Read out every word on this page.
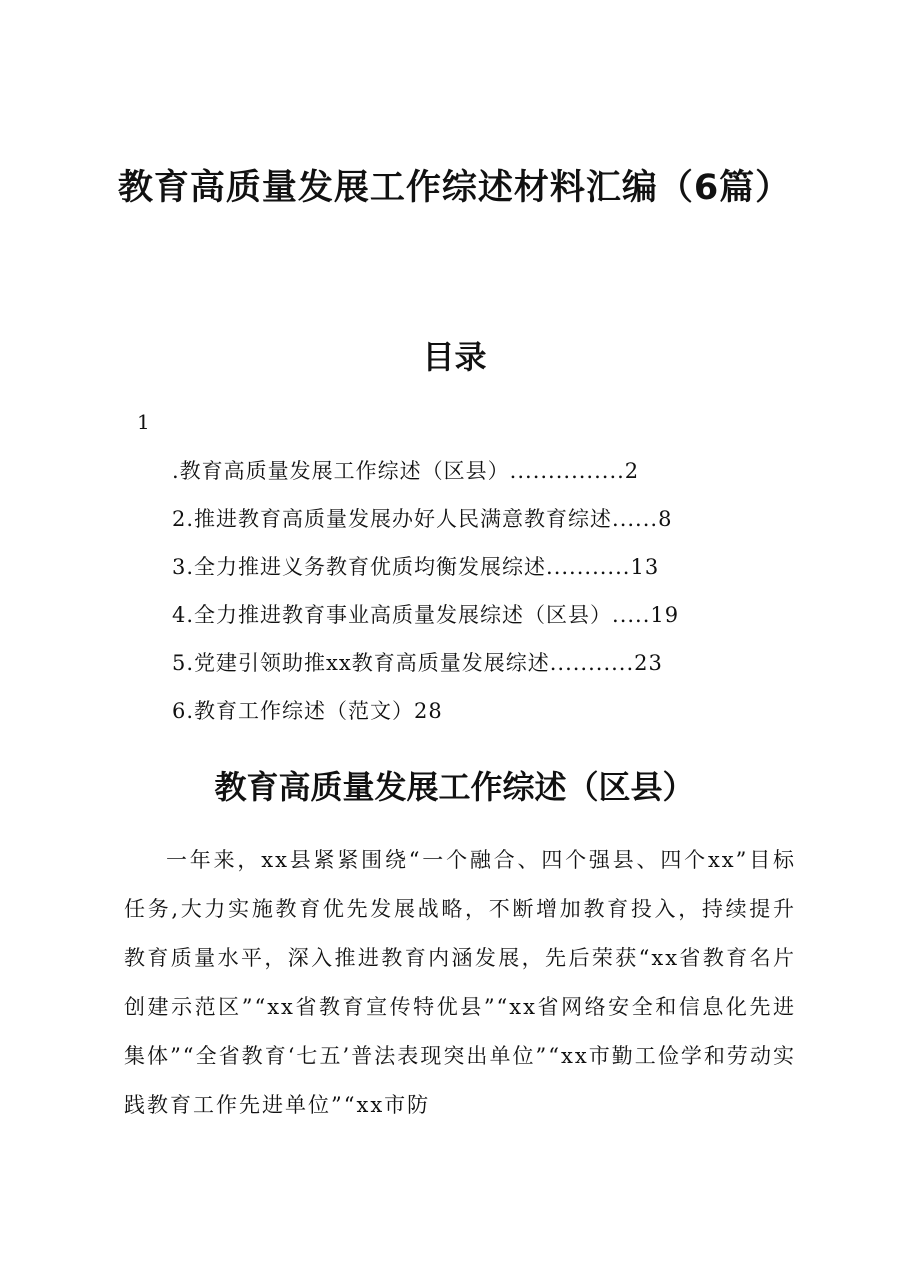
教育高质量发展工作综述材料汇编（6篇）
目录
1
.教育高质量发展工作综述（区县）...............2
2.推进教育高质量发展办好人民满意教育综述......8
3.全力推进义务教育优质均衡发展综述...........13
4.全力推进教育事业高质量发展综述（区县）.....19
5.党建引领助推xx教育高质量发展综述...........23
6.教育工作综述（范文）28
教育高质量发展工作综述（区县）

一年来，xx县紧紧围绕“一个融合、四个强县、四个xx”目标任务,大力实施教育优先发展战略，不断增加教育投入，持续提升教育质量水平，深入推进教育内涵发展，先后荣获“xx省教育名片创建示范区”“xx省教育宣传特优县”“xx省网络安全和信息化先进集体”“全省教育‘七五’普法表现突出单位”“xx市勤工俭学和劳动实践教育工作先进单位”“xx市防
